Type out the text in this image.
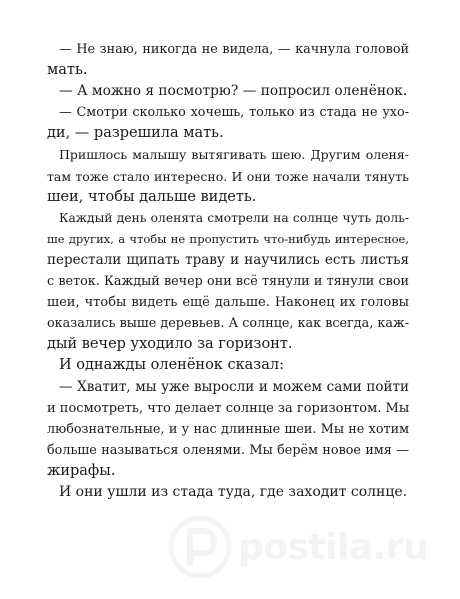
— Не знаю, никогда не видела, — качнула головой
мать.
— А можно я посмотрю? — попросил оленёнок.
— Смотри сколько хочешь, только из стада не ухо-
ди, — разрешила мать.
Пришлось малышу вытягивать шею. Другим оленя-
там тоже стало интересно. И они тоже начали тянуть
шеи, чтобы дальше видеть.
Каждый день оленята смотрели на солнце чуть доль-
ше других, а чтобы не пропустить что-нибудь интересное,
перестали щипать траву и научились есть листья
с веток. Каждый вечер они всё тянули и тянули свои
шеи, чтобы видеть ещё дальше. Наконец их головы
оказались выше деревьев. А солнце, как всегда, каж-
дый вечер уходило за горизонт.
И однажды оленёнок сказал:
— Хватит, мы уже выросли и можем сами пойти
и посмотреть, что делает солнце за горизонтом. Мы
любознательные, и у нас длинные шеи. Мы не хотим
больше называться оленями. Мы берём новое имя —
жирафы.
И они ушли из стада туда, где заходит солнце.
postila.ru
